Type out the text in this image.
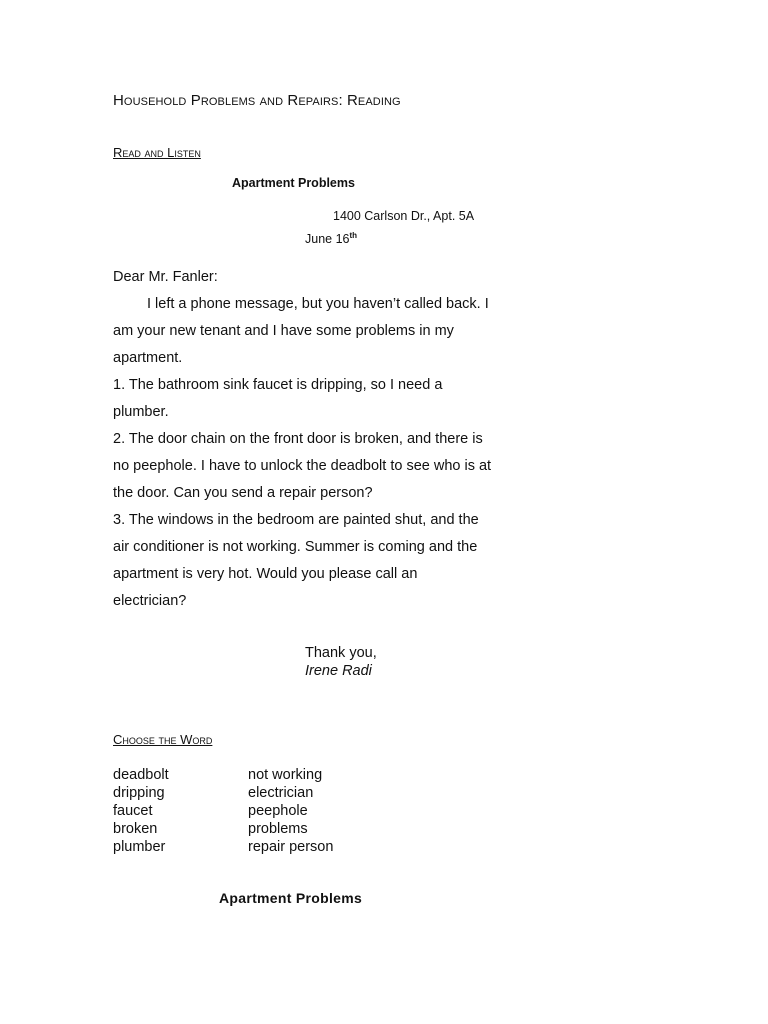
Household Problems and Repairs: Reading
Read and Listen
Apartment Problems
1400 Carlson Dr., Apt. 5A
June 16th

Dear Mr. Fanler:

I left a phone message, but you haven’t called back. I am your new tenant and I have some problems in my apartment.

1. The bathroom sink faucet is dripping, so I need a plumber.

2. The door chain on the front door is broken, and there is no peephole. I have to unlock the deadbolt to see who is at the door. Can you send a repair person?

3. The windows in the bedroom are painted shut, and the air conditioner is not working. Summer is coming and the apartment is very hot. Would you please call an electrician?

Thank you,
Irene Radi
Choose the Word
deadbolt	not working
dripping	electrician
faucet	peephole
broken	problems
plumber	repair person
Apartment Problems
